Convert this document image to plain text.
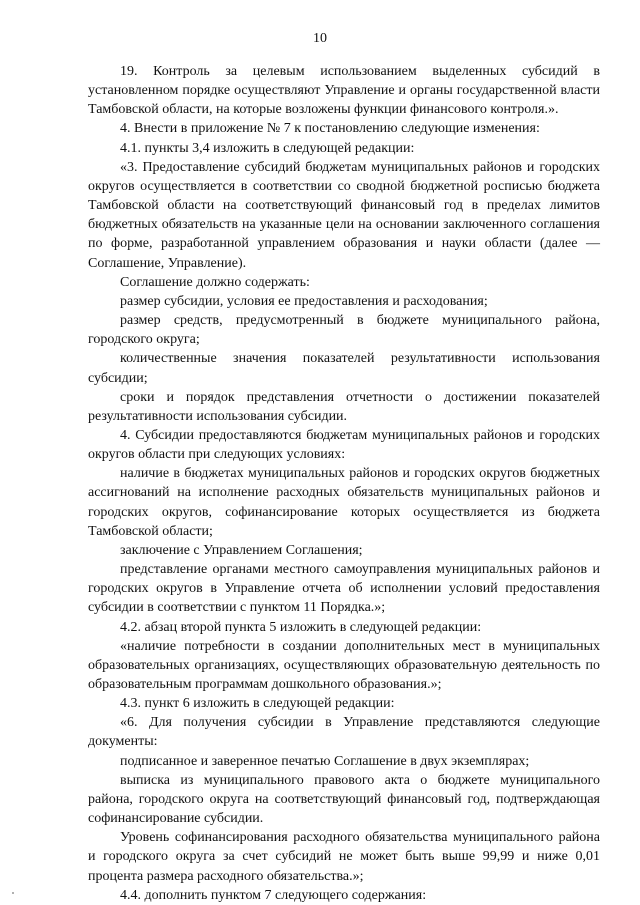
10

19. Контроль за целевым использованием выделенных субсидий в установленном порядке осуществляют Управление и органы государственной власти Тамбовской области, на которые возложены функции финансового контроля.».

4. Внести в приложение № 7 к постановлению следующие изменения:

4.1. пункты 3,4 изложить в следующей редакции:

«3. Предоставление субсидий бюджетам муниципальных районов и городских округов осуществляется в соответствии со сводной бюджетной росписью бюджета Тамбовской области на соответствующий финансовый год в пределах лимитов бюджетных обязательств на указанные цели на основании заключенного соглашения по форме, разработанной управлением образования и науки области (далее — Соглашение, Управление).

Соглашение должно содержать:

размер субсидии, условия ее предоставления и расходования;

размер средств, предусмотренный в бюджете муниципального района, городского округа;

количественные значения показателей результативности использования субсидии;

сроки и порядок представления отчетности о достижении показателей результативности использования субсидии.

4. Субсидии предоставляются бюджетам муниципальных районов и городских округов области при следующих условиях:

наличие в бюджетах муниципальных районов и городских округов бюджетных ассигнований на исполнение расходных обязательств муниципальных районов и городских округов, софинансирование которых осуществляется из бюджета Тамбовской области;

заключение с Управлением Соглашения;

представление органами местного самоуправления муниципальных районов и городских округов в Управление отчета об исполнении условий предоставления субсидии в соответствии с пунктом 11 Порядка.»;

4.2. абзац второй пункта 5 изложить в следующей редакции:

«наличие потребности в создании дополнительных мест в муниципальных образовательных организациях, осуществляющих образовательную деятельность по образовательным программам дошкольного образования.»;

4.3. пункт 6 изложить в следующей редакции:

«6. Для получения субсидии в Управление представляются следующие документы:

подписанное и заверенное печатью Соглашение в двух экземплярах;

выписка из муниципального правового акта о бюджете муниципального района, городского округа на соответствующий финансовый год, подтверждающая софинансирование субсидии.

Уровень софинансирования расходного обязательства муниципального района и городского округа за счет субсидий не может быть выше 99,99 и ниже 0,01 процента размера расходного обязательства.»;

4.4. дополнить пунктом 7 следующего содержания:
